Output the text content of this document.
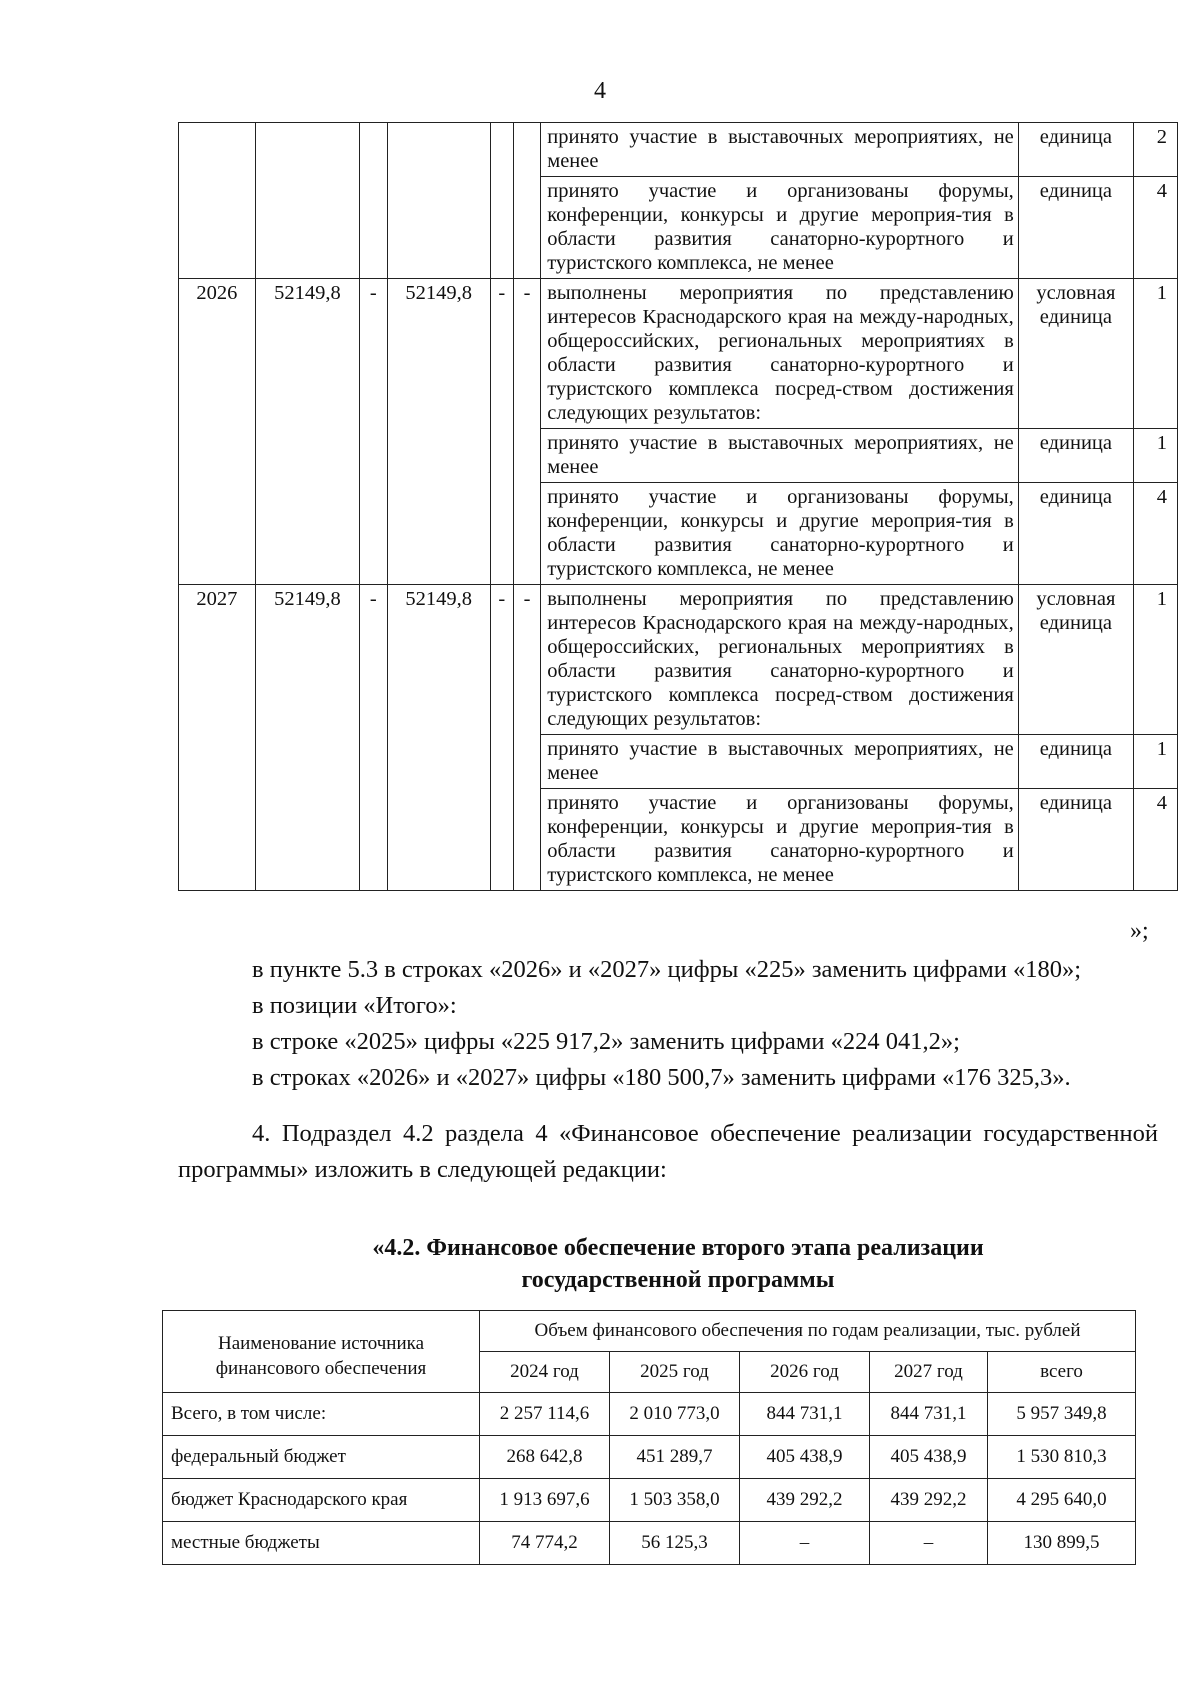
4
						принято участие в выставочных мероприятиях, не менее	единица	2
						принято участие и организованы форумы, конференции, конкурсы и другие мероприя-тия в области развития санаторно-курортного и туристского комплекса, не менее	единица	4
2026	52149,8	-	52149,8	-	-	выполнены мероприятия по представлению интересов Краснодарского края на между-народных, общероссийских, региональных мероприятиях в области развития санаторно-курортного и туристского комплекса посред-ством достижения следующих результатов:	условная единица	1
						принято участие в выставочных мероприятиях, не менее	единица	1
						принято участие и организованы форумы, конференции, конкурсы и другие мероприя-тия в области развития санаторно-курортного и туристского комплекса, не менее	единица	4
2027	52149,8	-	52149,8	-	-	выполнены мероприятия по представлению интересов Краснодарского края на между-народных, общероссийских, региональных мероприятиях в области развития санаторно-курортного и туристского комплекса посред-ством достижения следующих результатов:	условная единица	1
						принято участие в выставочных мероприятиях, не менее	единица	1
						принято участие и организованы форумы, конференции, конкурсы и другие мероприя-тия в области развития санаторно-курортного и туристского комплекса, не менее	единица	4
»;

в пункте 5.3 в строках «2026» и «2027» цифры «225» заменить цифрами «180»;

в позиции «Итого»:

в строке «2025» цифры «225 917,2» заменить цифрами «224 041,2»;

в строках «2026» и «2027» цифры «180 500,7» заменить цифрами «176 325,3».

4. Подраздел 4.2 раздела 4 «Финансовое обеспечение реализации государственной программы» изложить в следующей редакции:

«4.2. Финансовое обеспечение второго этапа реализации
государственной программы
Наименование источника финансового обеспечения	Объем финансового обеспечения по годам реализации, тыс. рублей				
	2024 год	2025 год	2026 год	2027 год	всего
Всего, в том числе:	2 257 114,6	2 010 773,0	844 731,1	844 731,1	5 957 349,8
федеральный бюджет	268 642,8	451 289,7	405 438,9	405 438,9	1 530 810,3
бюджет Краснодарского края	1 913 697,6	1 503 358,0	439 292,2	439 292,2	4 295 640,0
местные бюджеты	74 774,2	56 125,3	–	–	130 899,5
